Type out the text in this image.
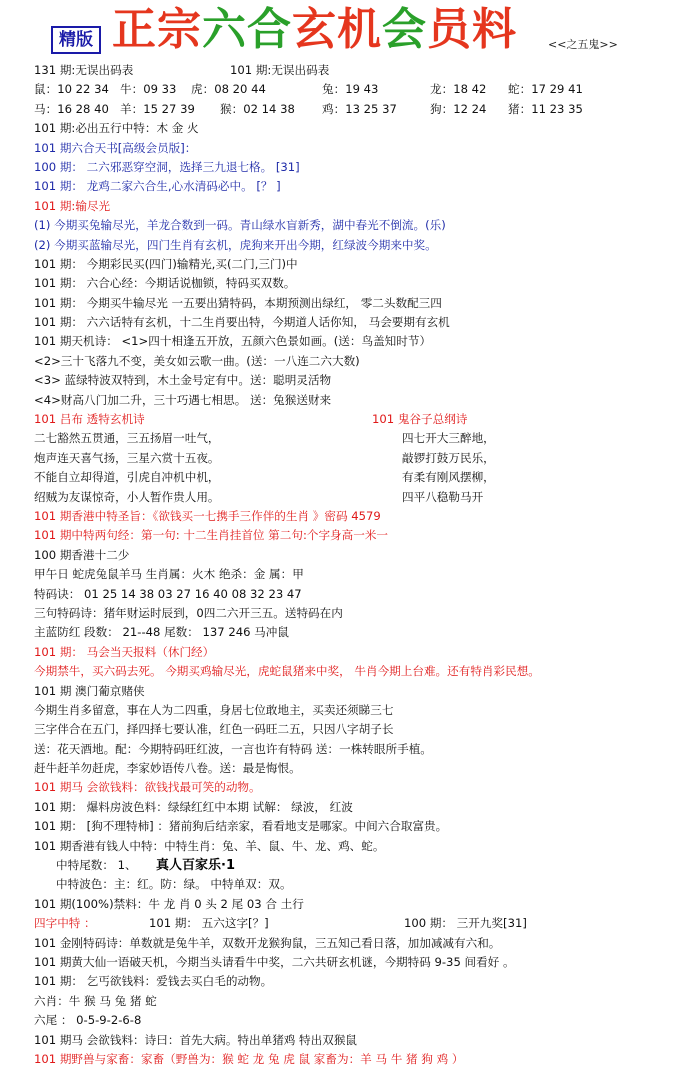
精版 正宗六合玄机会员料	<<之五鬼>>
131 期:无误出码表	101 期:无误出码表
鼠：10 22 34 牛：09 33 虎：08 20 44	兔：19 43	龙：18 42 蛇：17 29 41
马：16 28 40 羊：15 27 39 猴：02 14 38 鸡：13 25 37	狗：12 24 猪：11 23 35
101 期:必出五行中特：木 金 火
101 期六合天书[高级会员版]：
100 期： 二六邪恶穿空洞，选择三九退七格。 [31]
101 期： 龙鸡二家六合生,心水清码必中。 [？ ]
101 期:输尽光
(1) 今期买兔输尽光，羊龙合数到一码。青山绿水盲新秀，湖中春光不倒流。(乐)
(2) 今期买蓝输尽光，四门生肖有玄机，虎狗来开出今期，红绿波今期来中奖。
101 期： 今期彩民买(四门)输精光,买(二门,三门)中
101 期： 六合心经：今期话说枷锁，特码买双数。
101 期： 今期买牛输尽光 一五要出猜特码，本期预测出绿红， 零二头数配三四
101 期： 六六话特有玄机，十二生肖要出特，今期道人话你知， 马会要期有玄机
101 期天机诗： <1>四十相逢五开放，五颜六色景如画。(送：鸟盖知时节）
<2>三十飞落九不变，美女如云歌一曲。(送：一八连二六大数)
<3> 蓝绿特波双特到，木土金号定有中。送：聪明灵活物
<4>财高八门加二升，三十巧遇七相思。 送：兔猴送财来
101 吕布 透特玄机诗	101 鬼谷子总纲诗
二七豁然五贯通，三五扬眉一吐气，	四七开大三醉地，
炮声连天喜气扬，三星六赏十五夜。	敲锣打鼓万民乐，
不能自立却得道，引虎自冲机中机，	有柔有刚风摆柳，
绍贼为友谋惊奇，小人暂作贵人用。	四平八稳勒马开
101 期香港中特圣旨：《欲钱买一七携手三作伴的生肖 》密码 4579
101 期中特两句经：第一句: 十二生肖挂首位 第二句:个字身高一米一
100 期香港十二少
甲午日 蛇虎兔鼠羊马 生肖属：火木 绝杀：金 属：甲
特码诀： 01 25 14 38 03 27 16 40 08 32 23 47
三句特码诗：猪年财运时辰到，0四二六开三五。送特码在内
主蓝防红 段数： 21--48 尾数： 137 246 马冲鼠
101 期： 马会当天报料（休门经）
今期禁牛，买六码去死。 今期买鸡输尽光，虎蛇鼠猪来中奖， 牛肖今期上台难。还有特肖彩民想。
101 期 澳门葡京赌侠
今期生肖多留意，事在人为二四重，身居七位敢地主，买卖还须睇三七
三字伴合在五门，择四择七要认准，红色一码旺二五，只因八字胡子长
送：花天酒地。配：今期特码旺红波，一言也许有特码 送：一株转眼所手植。
赶牛赶羊勿赶虎，李家妙语传八卷。送：最是悔恨。
101 期马 会欲钱料：欲钱找最可笑的动物。
101 期： 爆料房波色料：绿绿红红中本期 试解： 绿波， 红波
101 期： [狗不理特柿] ：猪前狗后结亲家，看看地支是哪家。中间六合取富贵。
101 期香港有钱人中特：中特生肖：兔、羊、鼠、牛、龙、鸡、蛇。
中特尾数： 1、 真人百家乐·1
中特波色：主：红。防：绿。 中特单双：双。
101 期(100%)禁料：牛 龙 肖 0 头 2 尾 03 合 土行
四字中特 ：	101 期： 五六这字[？]	100 期： 三开九奖[31]
101 金刚特码诗：单数就是兔牛羊，双数开龙猴狗鼠，三五知己看日落，加加减减有六和。
101 期黄大仙一语破天机，今期当头请看牛中奖，二六共研玄机谜，今期特码 9-35 间看好 。
101 期： 乞丐欲钱料：爱钱去买白毛的动物。
六肖：牛 猴 马 兔 猪 蛇
六尾 ： 0-5-9-2-6-8
101 期马 会欲钱料：诗曰：首先大病。特出单猪鸡 特出双猴鼠
101 期野兽与家畜：家畜（野兽为：猴 蛇 龙 兔 虎 鼠 家畜为：羊 马 牛 猪 狗 鸡 ）
